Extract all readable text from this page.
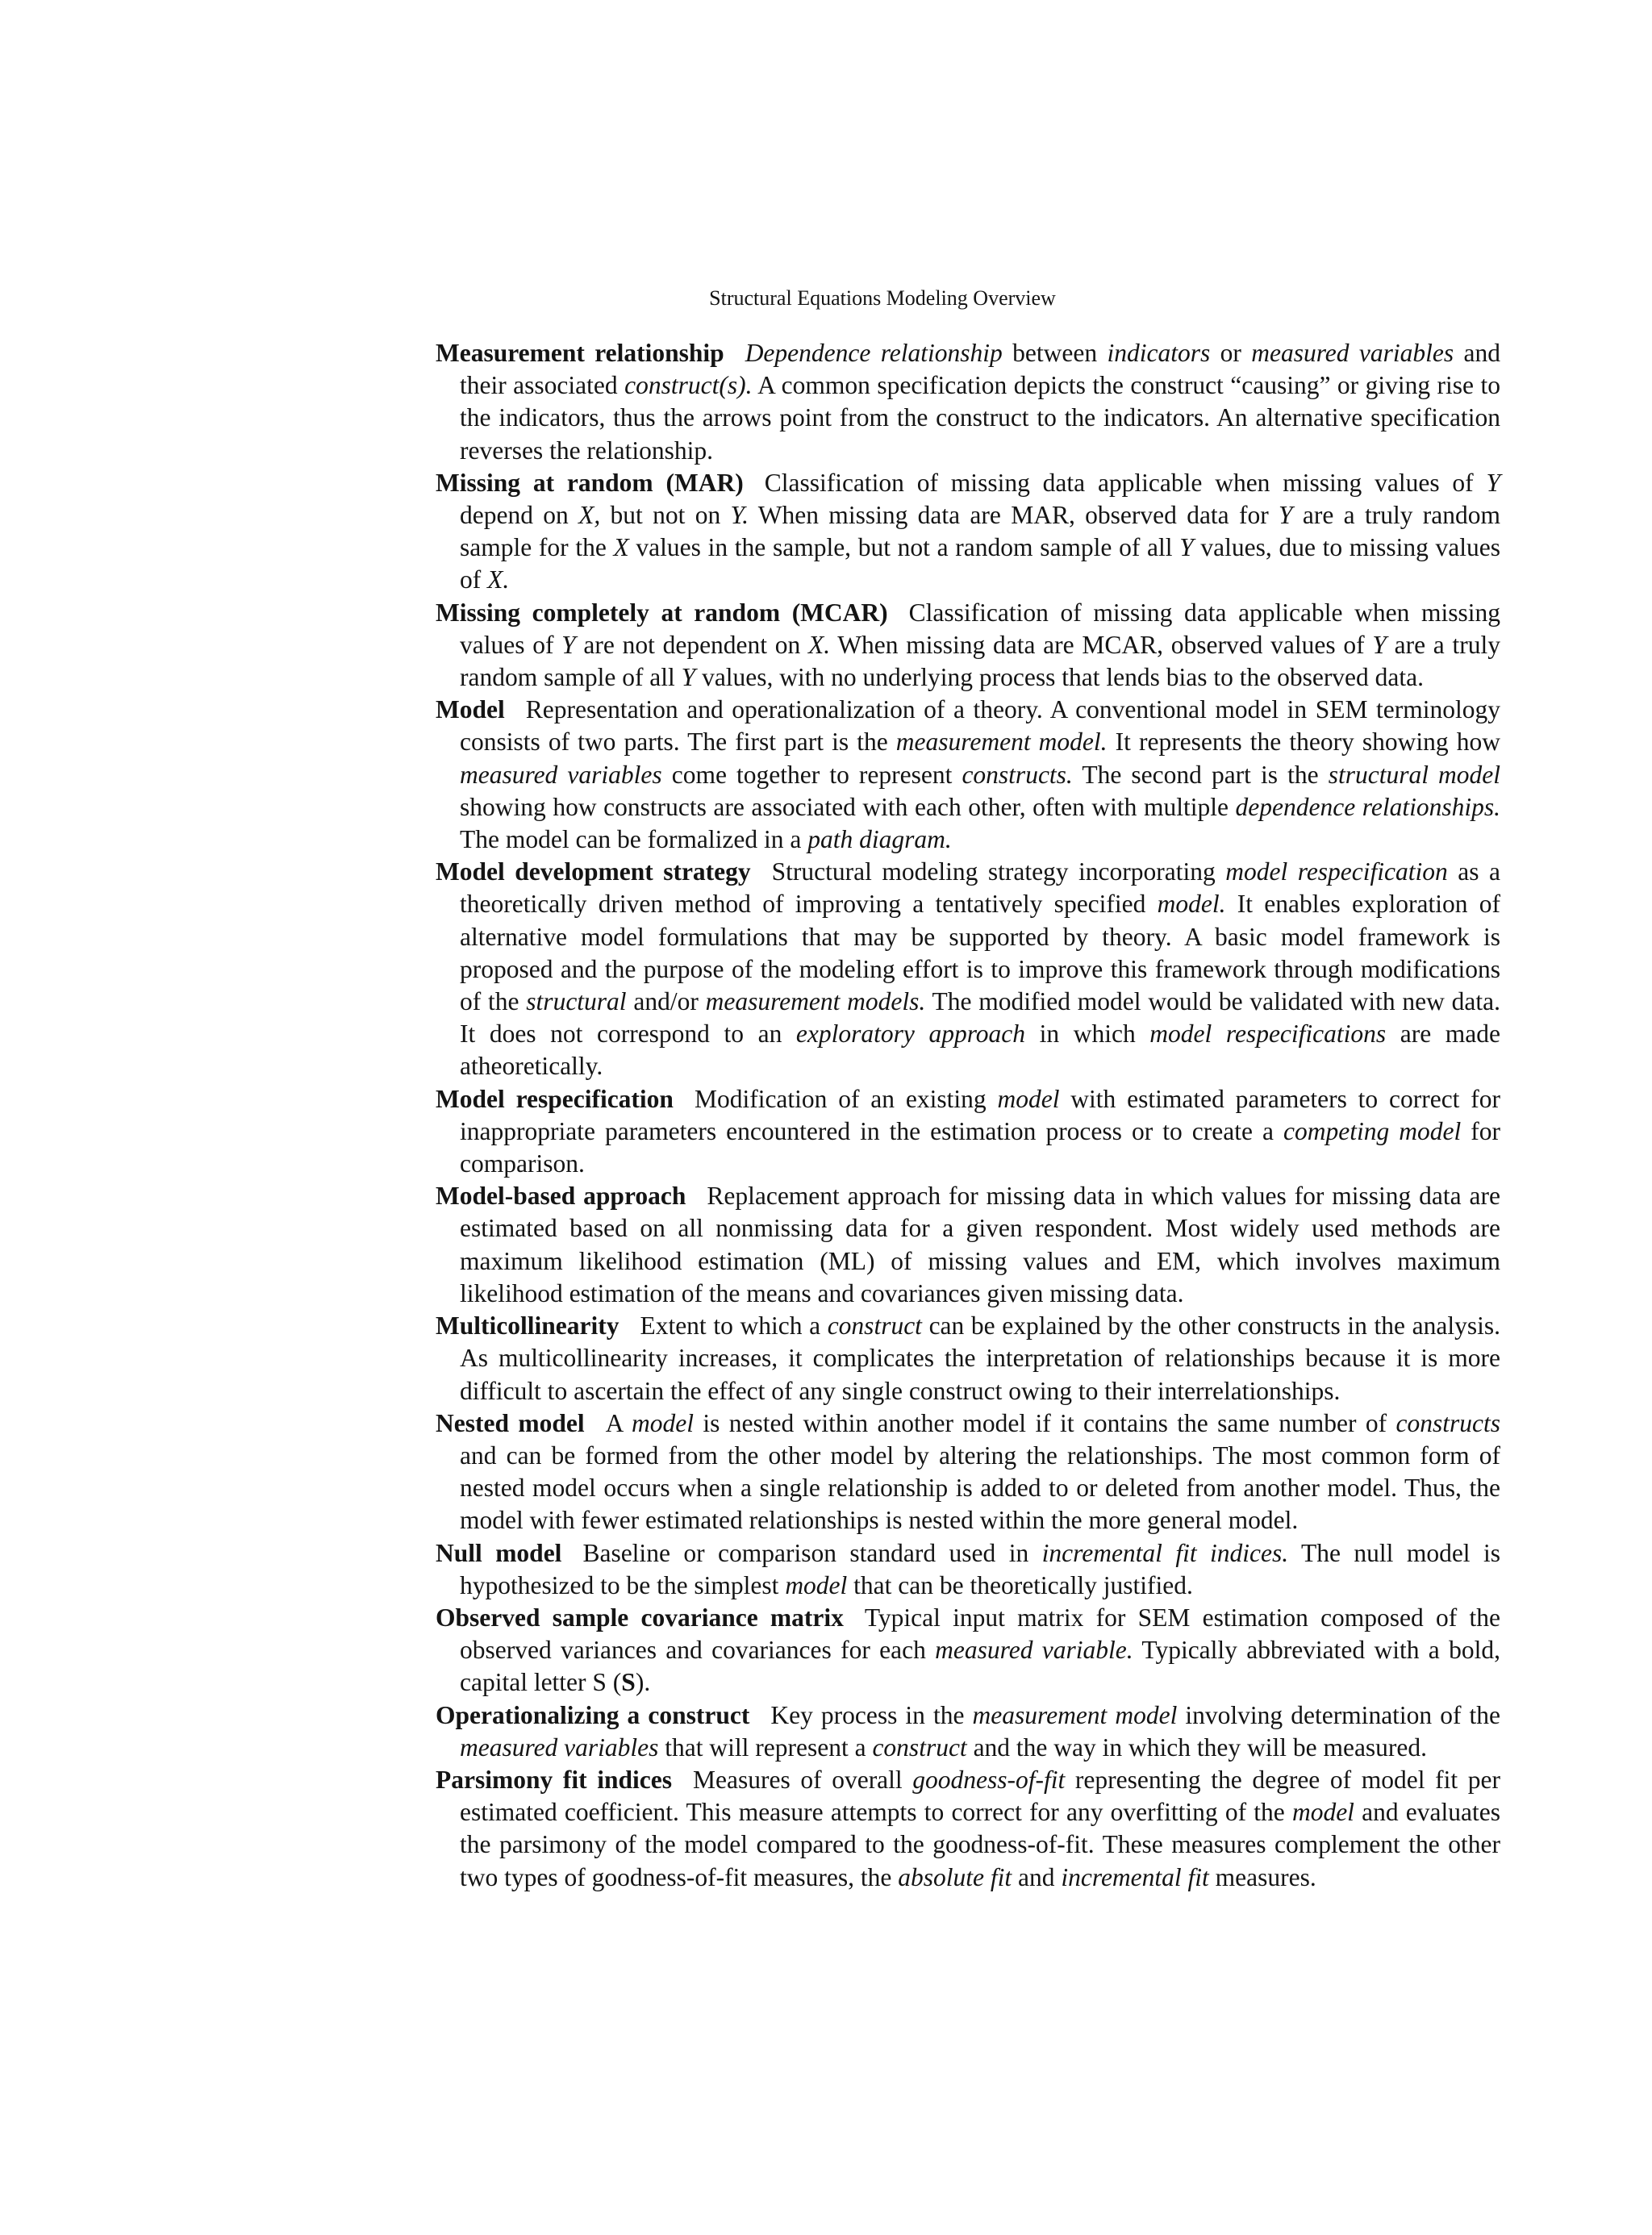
Structural Equations Modeling Overview

Measurement relationship Dependence relationship between indicators or measured variables and their associated construct(s). A common specification depicts the construct “causing” or giving rise to the indicators, thus the arrows point from the construct to the indicators. An alternative specification reverses the relationship.

Missing at random (MAR) Classification of missing data applicable when missing values of Y depend on X, but not on Y. When missing data are MAR, observed data for Y are a truly random sample for the X values in the sample, but not a random sample of all Y values, due to missing values of X.

Missing completely at random (MCAR) Classification of missing data applicable when missing values of Y are not dependent on X. When missing data are MCAR, observed values of Y are a truly random sample of all Y values, with no underlying process that lends bias to the observed data.

Model Representation and operationalization of a theory. A conventional model in SEM terminology consists of two parts. The first part is the measurement model. It represents the theory showing how measured variables come together to represent constructs. The second part is the structural model showing how constructs are associated with each other, often with multiple dependence relationships. The model can be formalized in a path diagram.

Model development strategy Structural modeling strategy incorporating model respecification as a theoretically driven method of improving a tentatively specified model. It enables exploration of alternative model formulations that may be supported by theory. A basic model framework is proposed and the purpose of the modeling effort is to improve this framework through modifications of the structural and/or measurement models. The modified model would be validated with new data. It does not correspond to an exploratory approach in which model respecifications are made atheoretically.

Model respecification Modification of an existing model with estimated parameters to correct for inappropriate parameters encountered in the estimation process or to create a competing model for comparison.

Model-based approach Replacement approach for missing data in which values for missing data are estimated based on all nonmissing data for a given respondent. Most widely used methods are maximum likelihood estimation (ML) of missing values and EM, which involves maximum likelihood estimation of the means and covariances given missing data.

Multicollinearity Extent to which a construct can be explained by the other constructs in the analysis. As multicollinearity increases, it complicates the interpretation of relationships because it is more difficult to ascertain the effect of any single construct owing to their interrelationships.

Nested model A model is nested within another model if it contains the same number of constructs and can be formed from the other model by altering the relationships. The most common form of nested model occurs when a single relationship is added to or deleted from another model. Thus, the model with fewer estimated relationships is nested within the more general model.

Null model Baseline or comparison standard used in incremental fit indices. The null model is hypothesized to be the simplest model that can be theoretically justified.

Observed sample covariance matrix Typical input matrix for SEM estimation composed of the observed variances and covariances for each measured variable. Typically abbreviated with a bold, capital letter S (S).

Operationalizing a construct Key process in the measurement model involving determination of the measured variables that will represent a construct and the way in which they will be measured.

Parsimony fit indices Measures of overall goodness-of-fit representing the degree of model fit per estimated coefficient. This measure attempts to correct for any overfitting of the model and evaluates the parsimony of the model compared to the goodness-of-fit. These measures complement the other two types of goodness-of-fit measures, the absolute fit and incremental fit measures.
